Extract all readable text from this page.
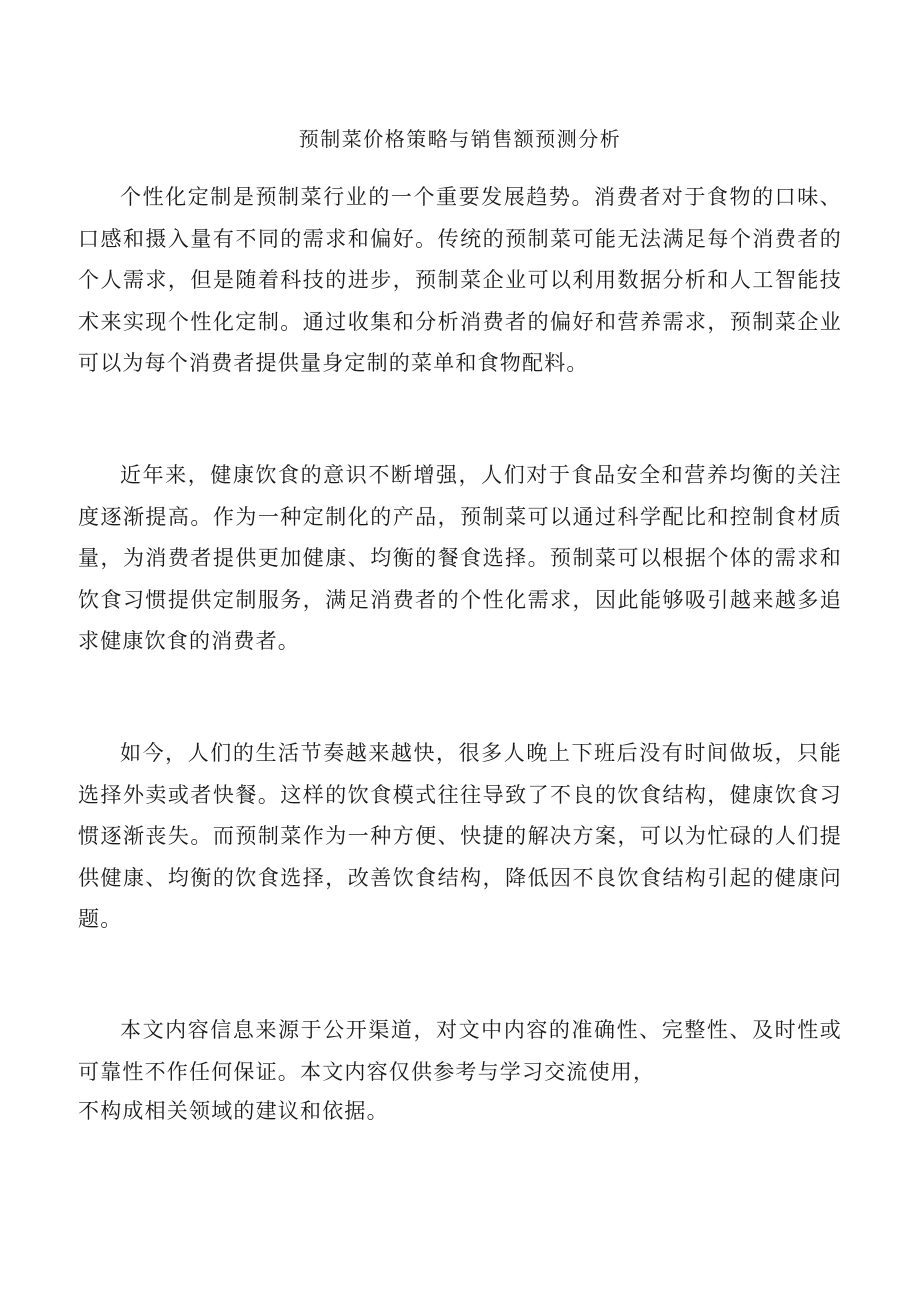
预制菜价格策略与销售额预测分析

个性化定制是预制菜行业的一个重要发展趋势。消费者对于食物的口味、口感和摄入量有不同的需求和偏好。传统的预制菜可能无法满足每个消费者的个人需求，但是随着科技的进步，预制菜企业可以利用数据分析和人工智能技术来实现个性化定制。通过收集和分析消费者的偏好和营养需求，预制菜企业可以为每个消费者提供量身定制的菜单和食物配料。

近年来，健康饮食的意识不断增强，人们对于食品安全和营养均衡的关注度逐渐提高。作为一种定制化的产品，预制菜可以通过科学配比和控制食材质量，为消费者提供更加健康、均衡的餐食选择。预制菜可以根据个体的需求和饮食习惯提供定制服务，满足消费者的个性化需求，因此能够吸引越来越多追求健康饮食的消费者。

如今，人们的生活节奏越来越快，很多人晚上下班后没有时间做坂，只能选择外卖或者快餐。这样的饮食模式往往导致了不良的饮食结构，健康饮食习惯逐渐丧失。而预制菜作为一种方便、快捷的解决方案，可以为忙碌的人们提供健康、均衡的饮食选择，改善饮食结构，降低因不良饮食结构引起的健康问题。

本文内容信息来源于公开渠道，对文中内容的准确性、完整性、及时性或可靠性不作任何保证。本文内容仅供参考与学习交流使用，
不构成相关领域的建议和依据。
